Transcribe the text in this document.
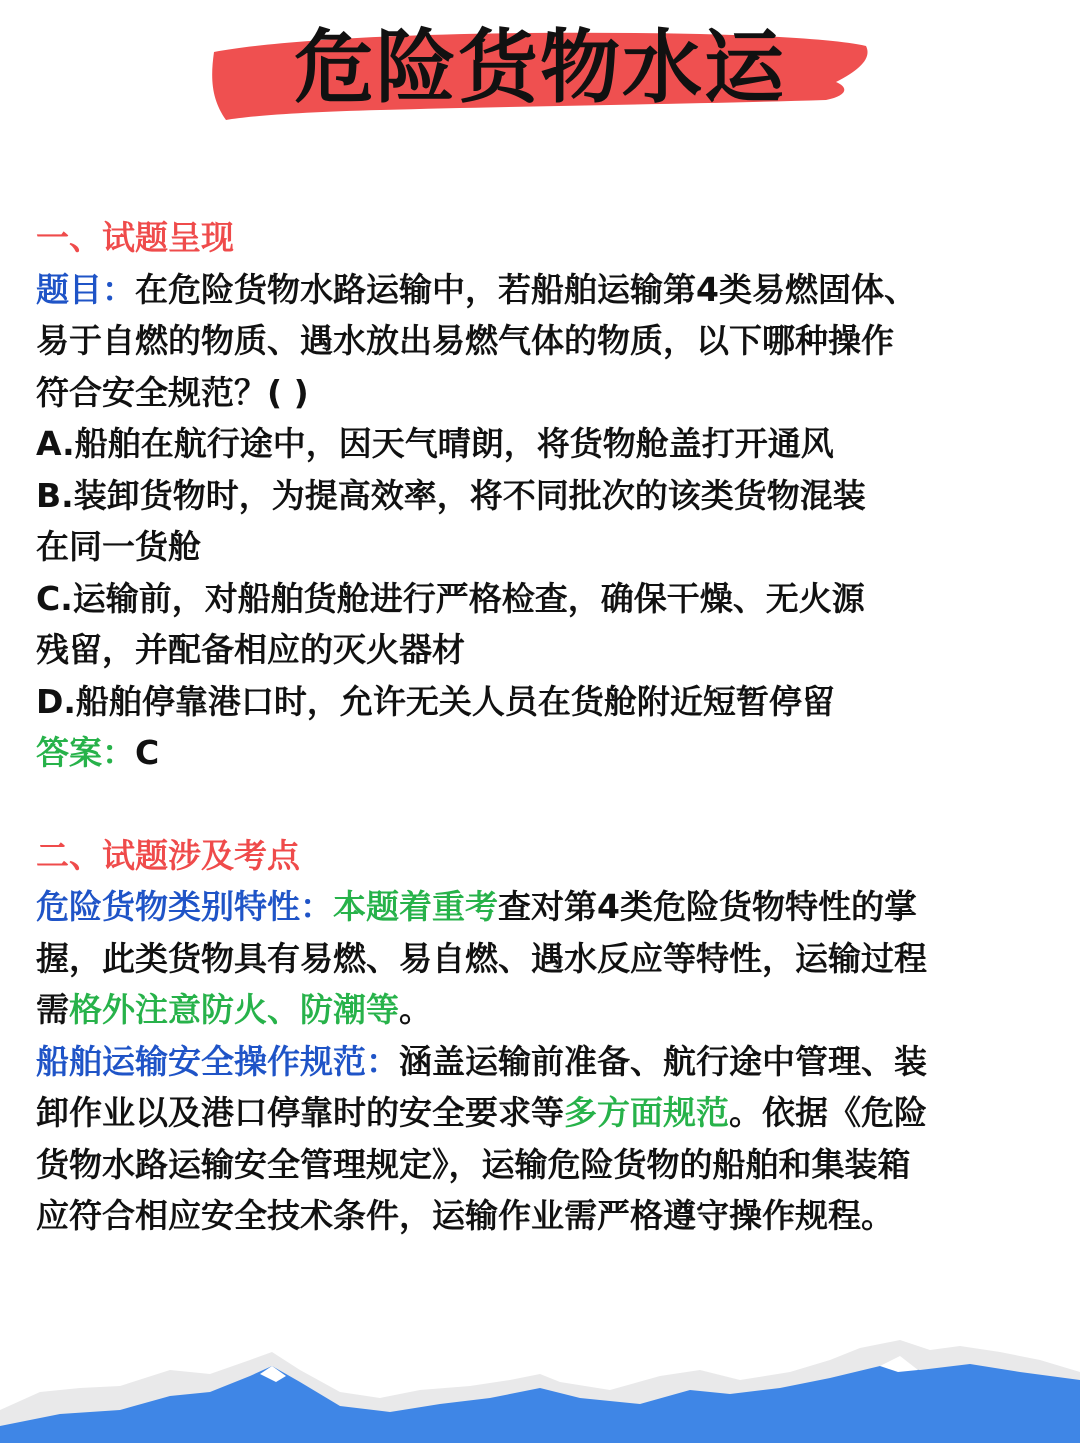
危险货物水运
一、试题呈现
题目：在危险货物水路运输中，若船舶运输第4类易燃固体、
易于自燃的物质、遇水放出易燃气体的物质，以下哪种操作
符合安全规范？( )
A.船舶在航行途中，因天气晴朗，将货物舱盖打开通风
B.装卸货物时，为提高效率，将不同批次的该类货物混装
在同一货舱
C.运输前，对船舶货舱进行严格检查，确保干燥、无火源
残留，并配备相应的灭火器材
D.船舶停靠港口时，允许无关人员在货舱附近短暂停留
答案：C
二、试题涉及考点
危险货物类别特性：本题着重考查对第4类危险货物特性的掌
握，此类货物具有易燃、易自燃、遇水反应等特性，运输过程
需格外注意防火、防潮等。
船舶运输安全操作规范：涵盖运输前准备、航行途中管理、装
卸作业以及港口停靠时的安全要求等多方面规范。依据《危险
货物水路运输安全管理规定》，运输危险货物的船舶和集装箱
应符合相应安全技术条件，运输作业需严格遵守操作规程。
